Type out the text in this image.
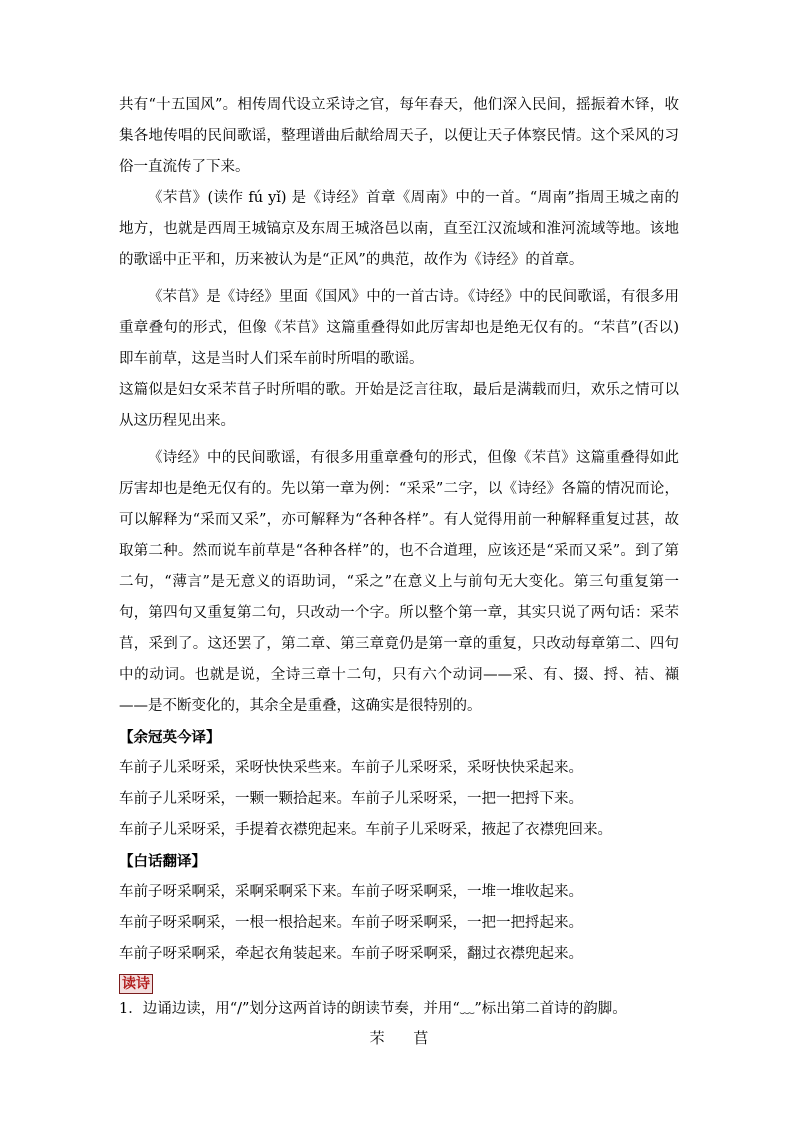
共有“十五国风”。相传周代设立采诗之官，每年春天，他们深入民间，摇振着木铎，收集各地传唱的民间歌谣，整理谱曲后献给周天子，以便让天子体察民情。这个采风的习俗一直流传了下来。

《芣苢》(读作 fú yǐ) 是《诗经》首章《周南》中的一首。“周南”指周王城之南的地方，也就是西周王城镐京及东周王城洛邑以南，直至江汉流域和淮河流域等地。该地的歌谣中正平和，历来被认为是“正风”的典范，故作为《诗经》的首章。

《芣苢》是《诗经》里面《国风》中的一首古诗。《诗经》中的民间歌谣，有很多用重章叠句的形式，但像《芣苢》这篇重叠得如此厉害却也是绝无仅有的。“芣苢”(否以)即车前草，这是当时人们采车前时所唱的歌谣。

这篇似是妇女采芣苢子时所唱的歌。开始是泛言往取，最后是满载而归，欢乐之情可以从这历程见出来。

《诗经》中的民间歌谣，有很多用重章叠句的形式，但像《芣苢》这篇重叠得如此厉害却也是绝无仅有的。先以第一章为例：“采采”二字，以《诗经》各篇的情况而论，可以解释为“采而又采”，亦可解释为“各种各样”。有人觉得用前一种解释重复过甚，故取第二种。然而说车前草是“各种各样”的，也不合道理，应该还是“采而又采”。到了第二句，“薄言”是无意义的语助词，“采之”在意义上与前句无大变化。第三句重复第一句，第四句又重复第二句，只改动一个字。所以整个第一章，其实只说了两句话：采芣苢，采到了。这还罢了，第二章、第三章竟仍是第一章的重复，只改动每章第二、四句中的动词。也就是说，全诗三章十二句，只有六个动词——采、有、掇、捋、袺、襭——是不断变化的，其余全是重叠，这确实是很特别的。

【余冠英今译】

车前子儿采呀采，采呀快快采些来。车前子儿采呀采，采呀快快采起来。

车前子儿采呀采，一颗一颗拾起来。车前子儿采呀采，一把一把捋下来。

车前子儿采呀采，手提着衣襟兜起来。车前子儿采呀采，掖起了衣襟兜回来。

【白话翻译】

车前子呀采啊采，采啊采啊采下来。车前子呀采啊采，一堆一堆收起来。

车前子呀采啊采，一根一根拾起来。车前子呀采啊采，一把一把捋起来。

车前子呀采啊采，牵起衣角装起来。车前子呀采啊采，翻过衣襟兜起来。

读诗

1．边诵边读，用“/”划分这两首诗的朗读节奏，并用“﹏”标出第二首诗的韵脚。

芣 苢
